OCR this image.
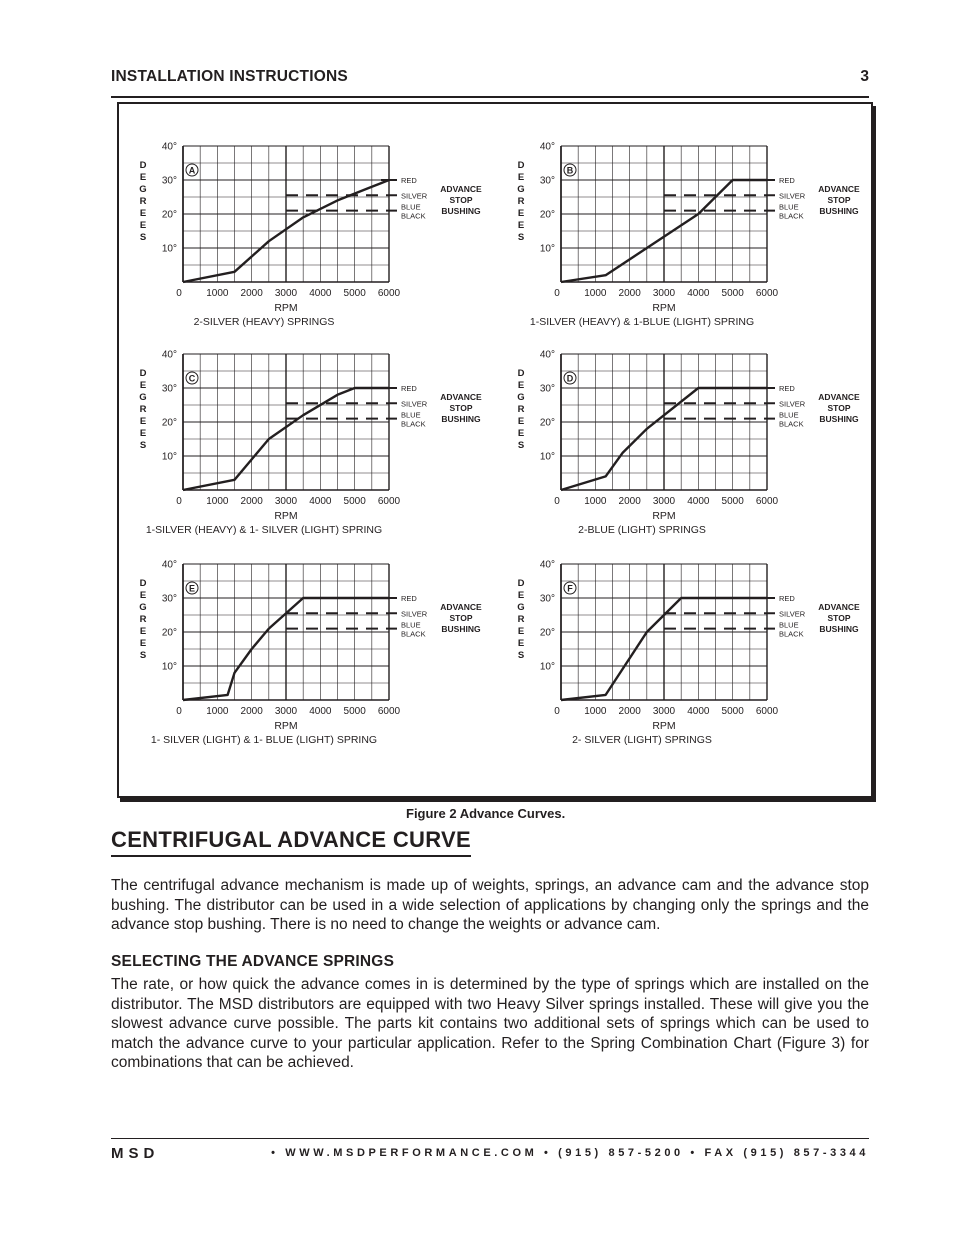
INSTALLATION INSTRUCTIONS	3
10°
20°
30°
40°
D
E
G
R
E
E
S
0 1000 2000 3000 4000 5000 6000
RPM
2-SILVER (HEAVY) SPRINGS
A
RED
SILVER
BLUE
BLACK
ADVANCE
STOP
BUSHING
10°
20°
30°
40°
D
E
G
R
E
E
S
0 1000 2000 3000 4000 5000 6000
RPM
1-SILVER (HEAVY) & 1-BLUE (LIGHT) SPRING
B
RED
SILVER
BLUE
BLACK
ADVANCE
STOP
BUSHING
10°
20°
30°
40°
D
E
G
R
E
E
S
0 1000 2000 3000 4000 5000 6000
RPM
1-SILVER (HEAVY) & 1- SILVER (LIGHT) SPRING
C
RED
SILVER
BLUE
BLACK
ADVANCE
STOP
BUSHING
10°
20°
30°
40°
D
E
G
R
E
E
S
0 1000 2000 3000 4000 5000 6000
RPM
2-BLUE (LIGHT) SPRINGS
D
RED
SILVER
BLUE
BLACK
ADVANCE
STOP
BUSHING
10°
20°
30°
40°
D
E
G
R
E
E
S
0 1000 2000 3000 4000 5000 6000
RPM
1- SILVER (LIGHT) & 1- BLUE (LIGHT) SPRING
E
RED
SILVER
BLUE
BLACK
ADVANCE
STOP
BUSHING
10°
20°
30°
40°
D
E
G
R
E
E
S
0 1000 2000 3000 4000 5000 6000
RPM
2- SILVER (LIGHT) SPRINGS
F
RED
SILVER
BLUE
BLACK
ADVANCE
STOP
BUSHING
Figure 2 Advance Curves.
CENTRIFUGAL ADVANCE CURVE

The centrifugal advance mechanism is made up of weights, springs, an advance cam and the advance stop bushing. The distributor can be used in a wide selection of applications by changing only the springs and the advance stop bushing. There is no need to change the weights or advance cam.

SELECTING THE ADVANCE SPRINGS

The rate, or how quick the advance comes in is determined by the type of springs which are installed on the distributor. The MSD distributors are equipped with two Heavy Silver springs installed. These will give you the slowest advance curve possible. The parts kit contains two additional sets of springs which can be used to match the advance curve to your particular application. Refer to the Spring Combination Chart (Figure 3) for combinations that can be achieved.

MSD	• WWW.MSDPERFORMANCE.COM • (915) 857-5200 • FAX (915) 857-3344
